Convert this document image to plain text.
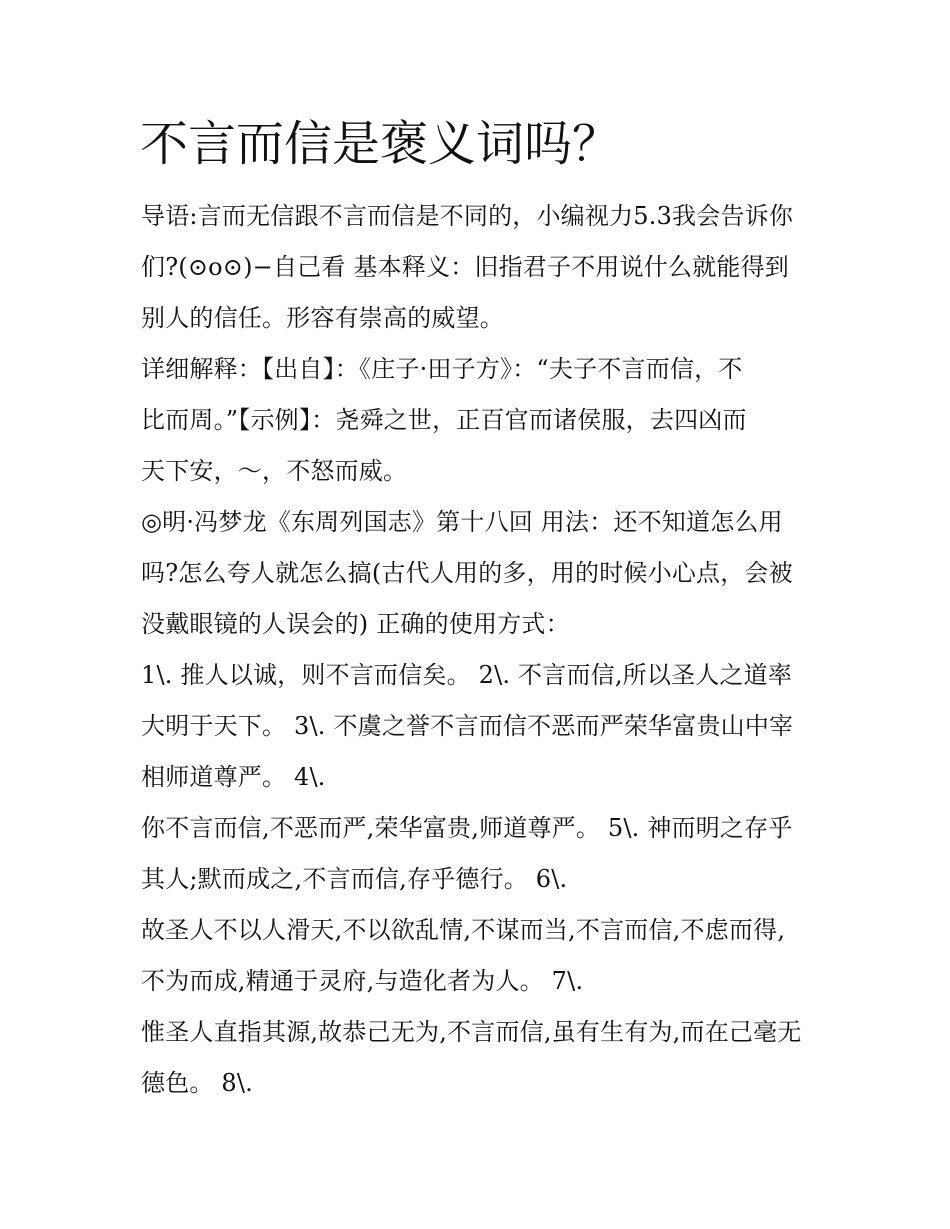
不言而信是褒义词吗？
导语:言而无信跟不言而信是不同的，小编视力5.3我会告诉你
们?(⊙o⊙)−自己看 基本释义：旧指君子不用说什么就能得到
别人的信任。形容有崇高的威望。
详细解释：【出自】：《庄子·田子方》：“夫子不言而信，不
比而周。”【示例】：尧舜之世，正百官而诸侯服，去四凶而
天下安，～，不怒而威。
◎明·冯梦龙《东周列国志》第十八回 用法：还不知道怎么用
吗?怎么夸人就怎么搞(古代人用的多，用的时候小心点，会被
没戴眼镜的人误会的) 正确的使用方式：
1\. 推人以诚，则不言而信矣。 2\. 不言而信,所以圣人之道率
大明于天下。 3\. 不虞之誉不言而信不恶而严荣华富贵山中宰
相师道尊严。 4\.
你不言而信,不恶而严,荣华富贵,师道尊严。 5\. 神而明之存乎
其人;默而成之,不言而信,存乎德行。 6\.
故圣人不以人滑天,不以欲乱情,不谋而当,不言而信,不虑而得,
不为而成,精通于灵府,与造化者为人。 7\.
惟圣人直指其源,故恭己无为,不言而信,虽有生有为,而在己毫无
德色。 8\.
